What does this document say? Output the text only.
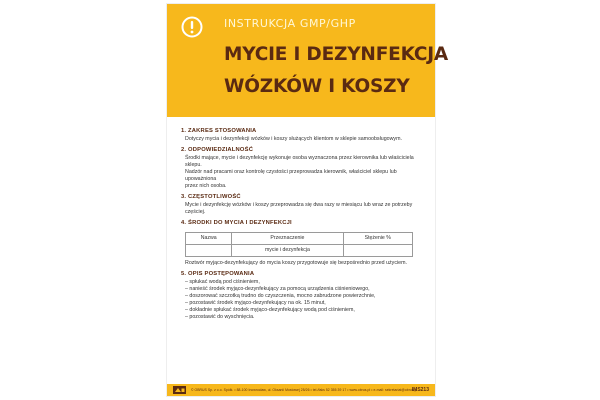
INSTRUKCJA GMP/GHP
MYCIE I DEZYNFEKCJA
WÓZKÓW I KOSZY
1. ZAKRES STOSOWANIA
Dotyczy mycia i dezynfekcji wózków i koszy służących klientom w sklepie samoobsługowym.
2. ODPOWIEDZIALNOŚĆ
Środki mające, mycie i dezynfekcję wykonuje osoba wyznaczona przez kierownika lub właściciela sklepu.
Nadzór nad pracami oraz kontrolę czystości przeprowadza kierownik, właściciel sklepu lub upoważniona
przez nich osoba.
3. CZĘSTOTLIWOŚĆ
Mycie i dezynfekcję wózków i koszy przeprowadza się dwa razy w miesiącu lub wraz ze potrzeby częściej.
4. ŚRODKI DO MYCIA I DEZYNFEKCJI
Nazwa	Przeznaczenie	Stężenie %
	mycie i dezynfekcja	
Roztwór myjąco-dezynfekujący do mycia koszy przygotowuje się bezpośrednio przed użyciem.
5. OPIS POSTĘPOWANIA
– spłukać wodą pod ciśnieniem,
– nanieść środek myjąco-dezynfekujący za pomocą urządzenia ciśnieniowego,
– doszorować szczotką trudno do czyszczenia, mocno zabrudzone powierzchnie,
– pozostawić środek myjąco-dezynfekujący na ok. 15 minut,
– dokładnie spłukać środek myjąco-dezynfekujący wodą pod ciśnieniem,
– pozostawić do wyschnięcia.
© OBRUS Sp. z o.o. Spółk. • 88-100 Inowrocław, ul. Oksanii Mostowej 25/26 • tel./faks 52 355 39 17 • www.obrus.pl • e-mail: sekretariat@obrus.pl
IMS213
